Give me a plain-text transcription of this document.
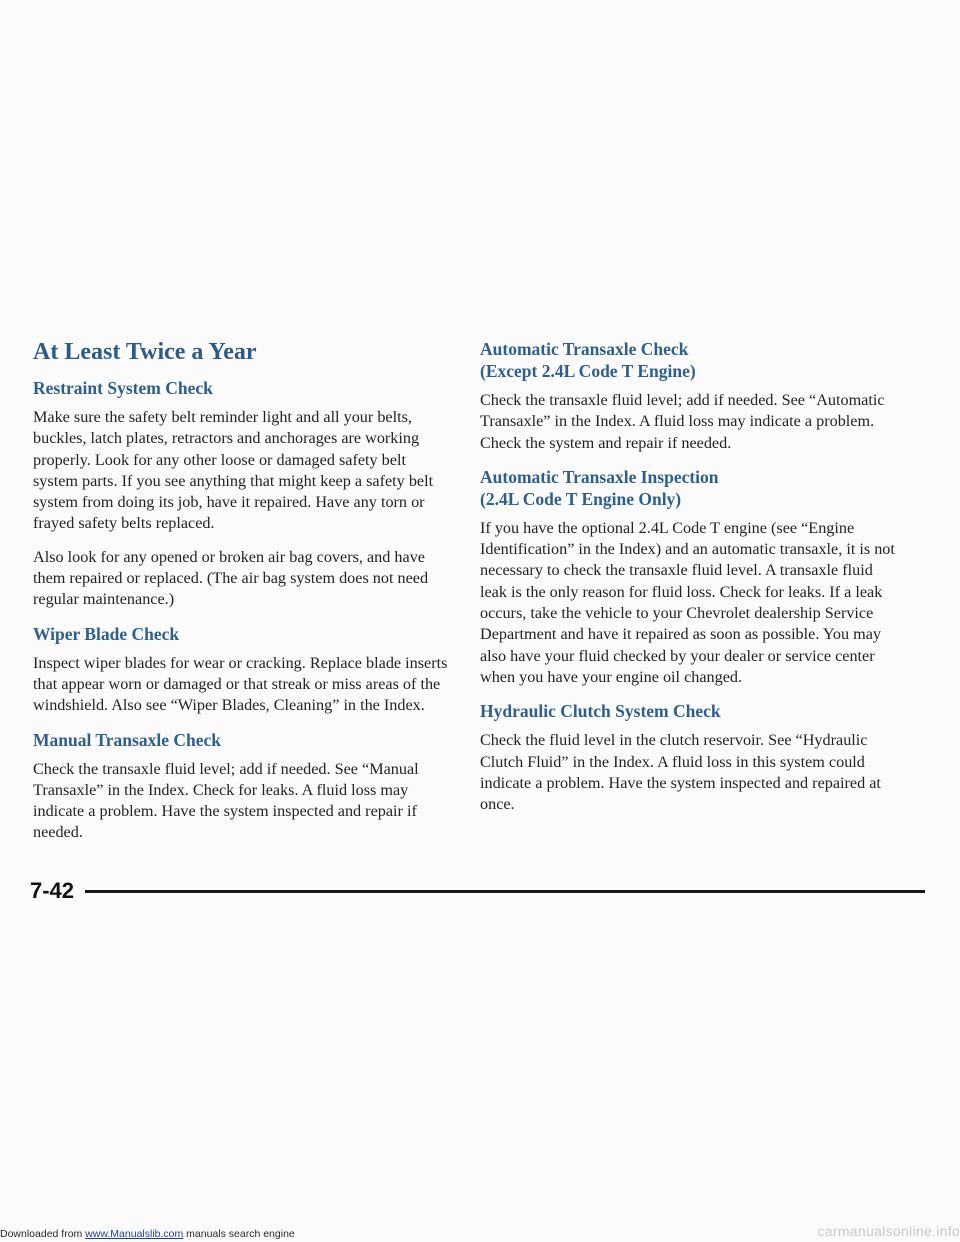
At Least Twice a Year
Restraint System Check

Make sure the safety belt reminder light and all your belts, buckles, latch plates, retractors and anchorages are working properly. Look for any other loose or damaged safety belt system parts. If you see anything that might keep a safety belt system from doing its job, have it repaired. Have any torn or frayed safety belts replaced.

Also look for any opened or broken air bag covers, and have them repaired or replaced. (The air bag system does not need regular maintenance.)

Wiper Blade Check

Inspect wiper blades for wear or cracking. Replace blade inserts that appear worn or damaged or that streak or miss areas of the windshield. Also see “Wiper Blades, Cleaning” in the Index.

Manual Transaxle Check

Check the transaxle fluid level; add if needed. See “Manual Transaxle” in the Index. Check for leaks. A fluid loss may indicate a problem. Have the system inspected and repair if needed.

Automatic Transaxle Check
(Except 2.4L Code T Engine)

Check the transaxle fluid level; add if needed. See “Automatic Transaxle” in the Index. A fluid loss may indicate a problem. Check the system and repair if needed.

Automatic Transaxle Inspection
(2.4L Code T Engine Only)

If you have the optional 2.4L Code T engine (see “Engine Identification” in the Index) and an automatic transaxle, it is not necessary to check the transaxle fluid level. A transaxle fluid leak is the only reason for fluid loss. Check for leaks. If a leak occurs, take the vehicle to your Chevrolet dealership Service Department and have it repaired as soon as possible. You may also have your fluid checked by your dealer or service center when you have your engine oil changed.

Hydraulic Clutch System Check

Check the fluid level in the clutch reservoir. See “Hydraulic Clutch Fluid” in the Index. A fluid loss in this system could indicate a problem. Have the system inspected and repaired at once.

7-42
Downloaded from www.Manualslib.com manuals search engine	carmanualsonline.info
